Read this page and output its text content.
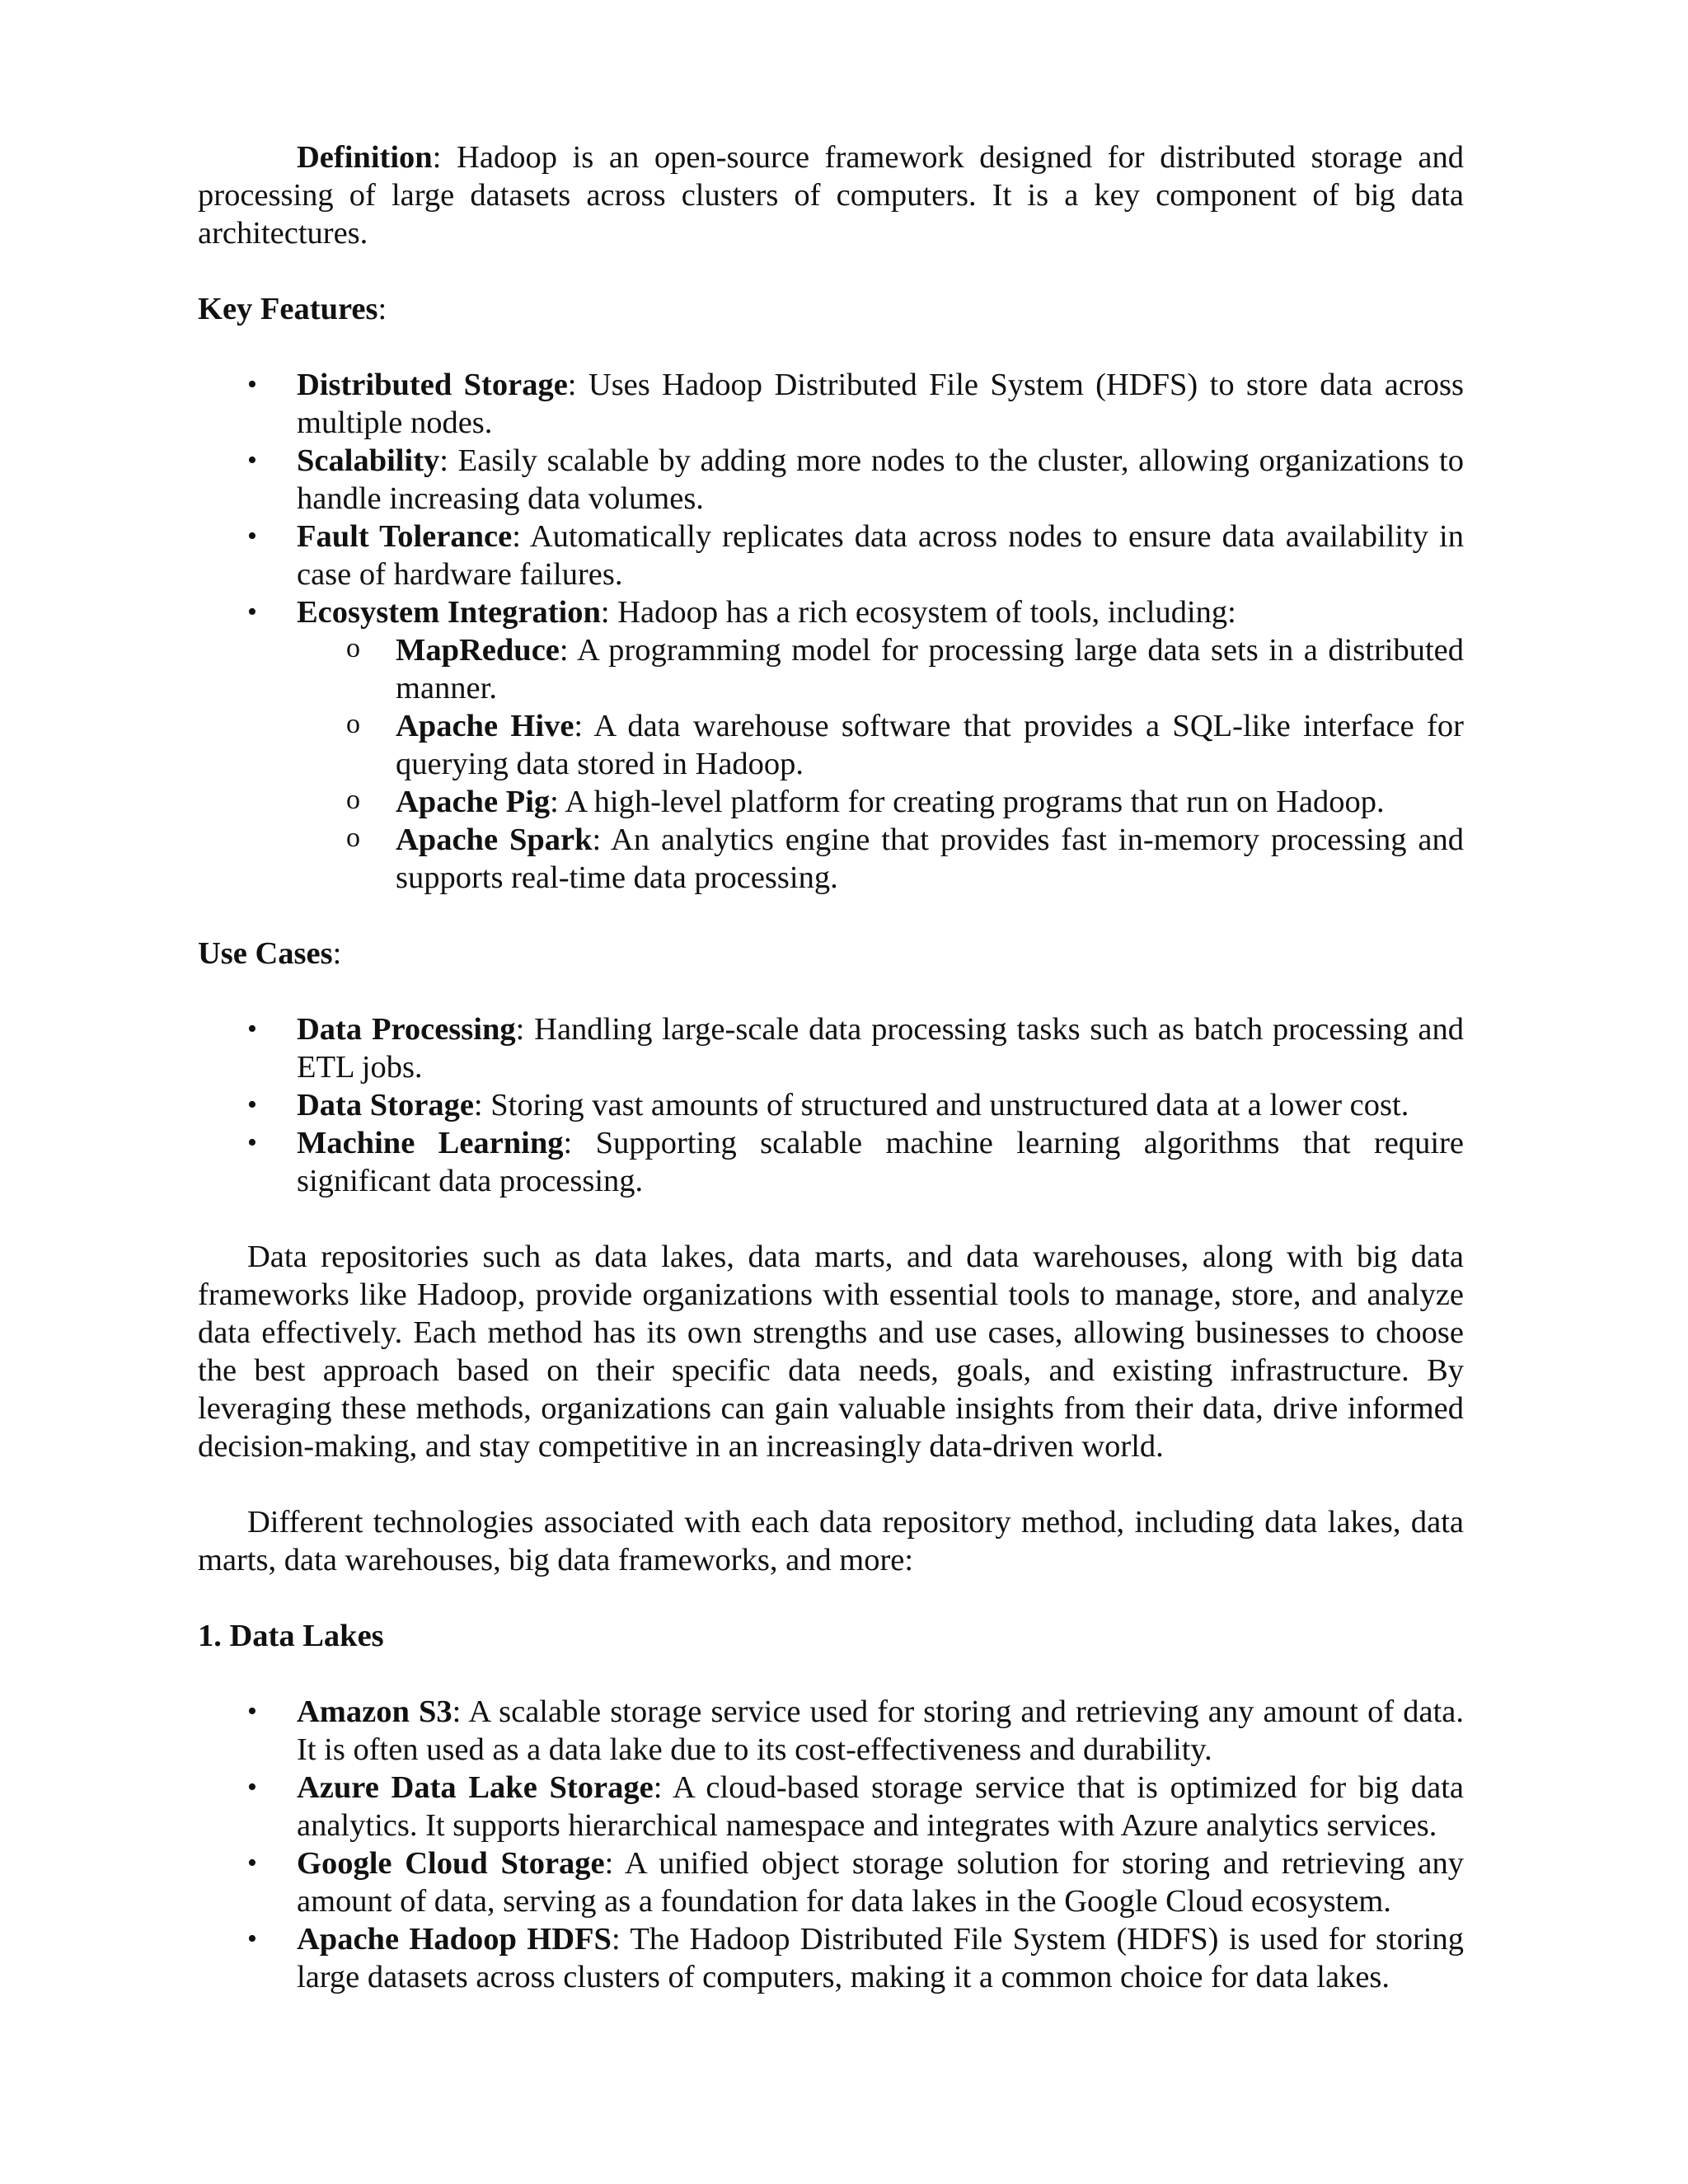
Definition: Hadoop is an open-source framework designed for distributed storage and processing of large datasets across clusters of computers. It is a key component of big data architectures.

Key Features:

• Distributed Storage: Uses Hadoop Distributed File System (HDFS) to store data across multiple nodes.
• Scalability: Easily scalable by adding more nodes to the cluster, allowing organizations to handle increasing data volumes.
• Fault Tolerance: Automatically replicates data across nodes to ensure data availability in case of hardware failures.
• Ecosystem Integration: Hadoop has a rich ecosystem of tools, including:
o MapReduce: A programming model for processing large data sets in a distributed manner.
o Apache Hive: A data warehouse software that provides a SQL-like interface for querying data stored in Hadoop.
o Apache Pig: A high-level platform for creating programs that run on Hadoop.
o Apache Spark: An analytics engine that provides fast in-memory processing and supports real-time data processing.

Use Cases:

• Data Processing: Handling large-scale data processing tasks such as batch processing and ETL jobs.
• Data Storage: Storing vast amounts of structured and unstructured data at a lower cost.
• Machine Learning: Supporting scalable machine learning algorithms that require significant data processing.

Data repositories such as data lakes, data marts, and data warehouses, along with big data frameworks like Hadoop, provide organizations with essential tools to manage, store, and analyze data effectively. Each method has its own strengths and use cases, allowing businesses to choose the best approach based on their specific data needs, goals, and existing infrastructure. By leveraging these methods, organizations can gain valuable insights from their data, drive informed decision-making, and stay competitive in an increasingly data-driven world.

Different technologies associated with each data repository method, including data lakes, data marts, data warehouses, big data frameworks, and more:

1. Data Lakes

• Amazon S3: A scalable storage service used for storing and retrieving any amount of data. It is often used as a data lake due to its cost-effectiveness and durability.
• Azure Data Lake Storage: A cloud-based storage service that is optimized for big data analytics. It supports hierarchical namespace and integrates with Azure analytics services.
• Google Cloud Storage: A unified object storage solution for storing and retrieving any amount of data, serving as a foundation for data lakes in the Google Cloud ecosystem.
• Apache Hadoop HDFS: The Hadoop Distributed File System (HDFS) is used for storing large datasets across clusters of computers, making it a common choice for data lakes.
